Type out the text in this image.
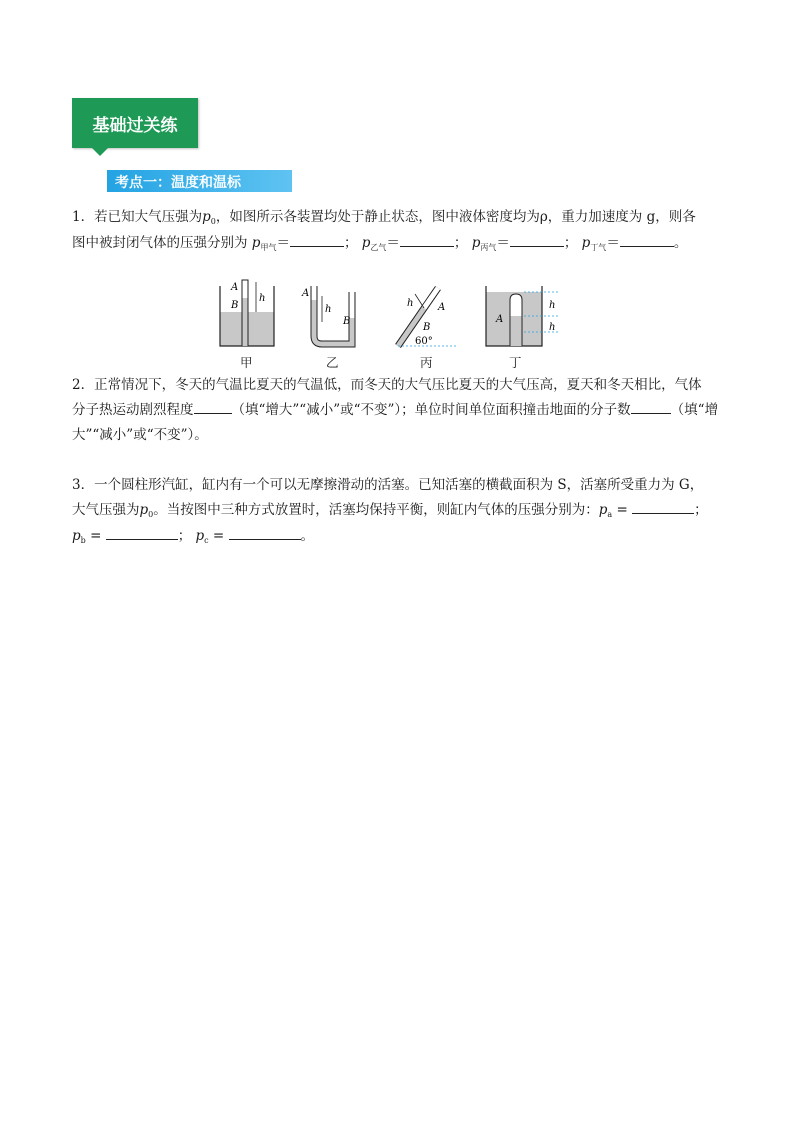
基础过关练
考点一：温度和温标
1．若已知大气压强为$p_0$，如图所示各装置均处于静止状态，图中液体密度均为ρ，重力加速度为 g，则各
图中被封闭气体的压强分别为 $p_{甲气}=$	； $p_{乙气}=$	； $p_{丙气}=$	； $p_{丁气}=$	。
A
B
h	A
h
B
h A
B
60°
A
h
h
甲	乙	丙	丁
2．正常情况下，冬天的气温比夏天的气温低，而冬天的大气压比夏天的大气压高，夏天和冬天相比，气体
分子热运动剧烈程度	（填“增大”“减小”或“不变”）；单位时间单位面积撞击地面的分子数	（填“增
大”“减小”或“不变”）。
3．一个圆柱形汽缸，缸内有一个可以无摩擦滑动的活塞。已知活塞的横截面积为 S，活塞所受重力为 G，
大气压强为$p_0$。当按图中三种方式放置时，活塞均保持平衡，则缸内气体的压强分别为：$p_a$ =	；
$p_b$ =	； $p_c$ =	。
